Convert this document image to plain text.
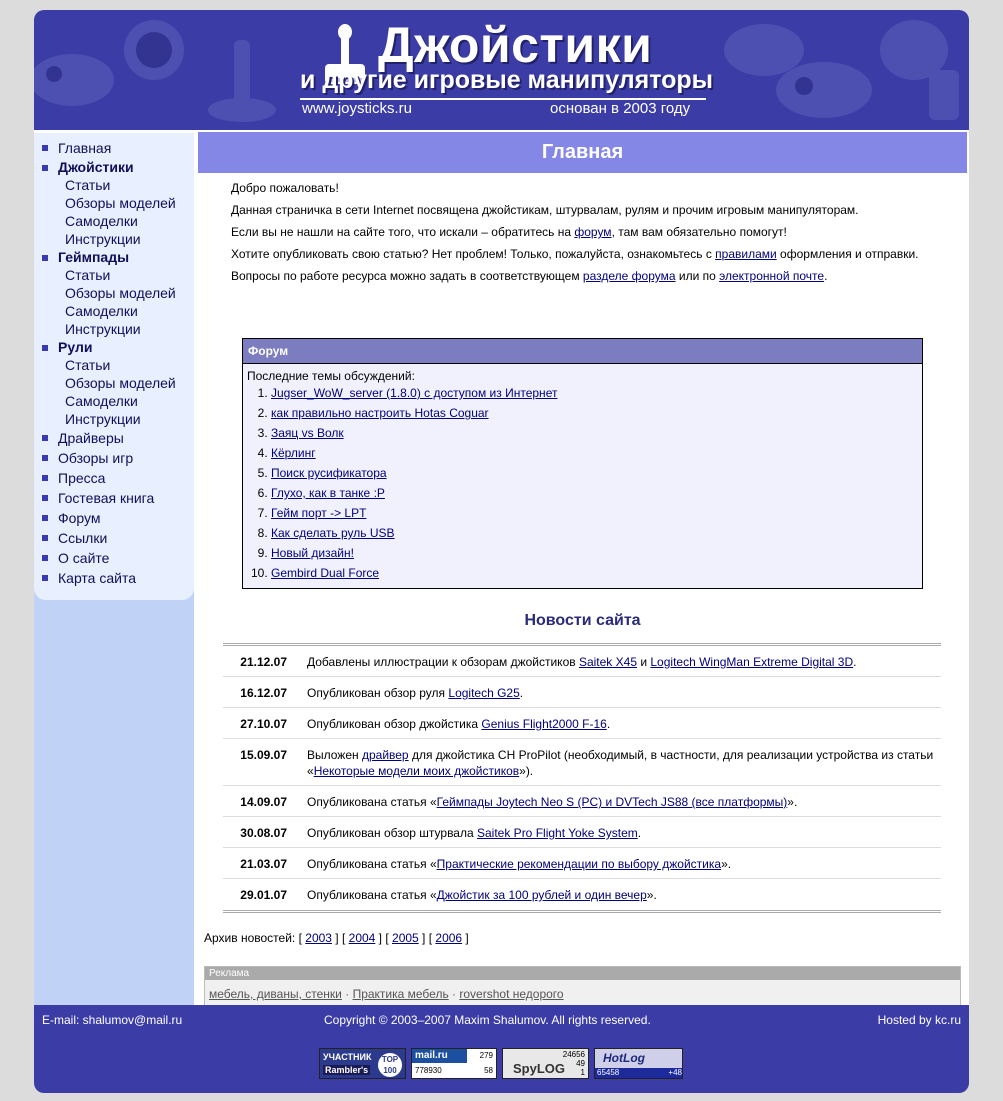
Джойстики
и другие игровые манипуляторы
www.joysticks.ru	основан в 2003 году
Главная
Джойстики
Статьи
Обзоры моделей
Самоделки
Инструкции
Геймпады
Статьи
Обзоры моделей
Самоделки
Инструкции
Рули
Статьи
Обзоры моделей
Самоделки
Инструкции
Драйверы
Обзоры игр
Пресса
Гостевая книга
Форум
Ссылки
О сайте
Карта сайта
Главная

Добро пожаловать!

Данная страничка в сети Internet посвящена джойстикам, штурвалам, рулям и прочим игровым манипуляторам.

Если вы не нашли на сайте того, что искали – обратитесь на форум, там вам обязательно помогут!

Хотите опубликовать свою статью? Нет проблем! Только, пожалуйста, ознакомьтесь с правилами оформления и отправки.

Вопросы по работе ресурса можно задать в соответствующем разделе форума или по электронной почте.

Форум
Последние темы обсуждений:
1. Jugser_WoW_server (1.8.0) с доступом из Интернет
2. как правильно настроить Hotas Coguar
3. Заяц vs Волк
4. Кёрлинг
5. Поиск русификатора
6. Глухо, как в танке :P
7. Гейм порт -> LPT
8. Как сделать руль USB
9. Новый дизайн!
10. Gembird Dual Force
Новости сайта
21.12.07	Добавлены иллюстрации к обзорам джойстиков Saitek X45 и Logitech WingMan Extreme Digital 3D.
16.12.07	Опубликован обзор руля Logitech G25.
27.10.07	Опубликован обзор джойстика Genius Flight2000 F-16.
15.09.07	Выложен драйвер для джойстика CH ProPilot (необходимый, в частности, для реализации устройства из статьи «Некоторые модели моих джойстиков»).
14.09.07	Опубликована статья «Геймпады Joytech Neo S (PC) и DVTech JS88 (все платформы)».
30.08.07	Опубликован обзор штурвала Saitek Pro Flight Yoke System.
21.03.07	Опубликована статья «Практические рекомендации по выбору джойстика».
29.01.07	Опубликована статья «Джойстик за 100 рублей и один вечер».
Архив новостей: [ 2003 ] [ 2004 ] [ 2005 ] [ 2006 ]
Реклама
мебель, диваны, стенки · Практика мебель · rovershot недорого
E-mail: shalumov@mail.ru	Copyright © 2003–2007 Maxim Shalumov. All rights reserved.	Hosted by kc.ru
УЧАСТНИК
Rambler's
TOP 100
mail.ru	279
778930	58 SpyLOG
24656
49
1
HotLog
65458	+48
